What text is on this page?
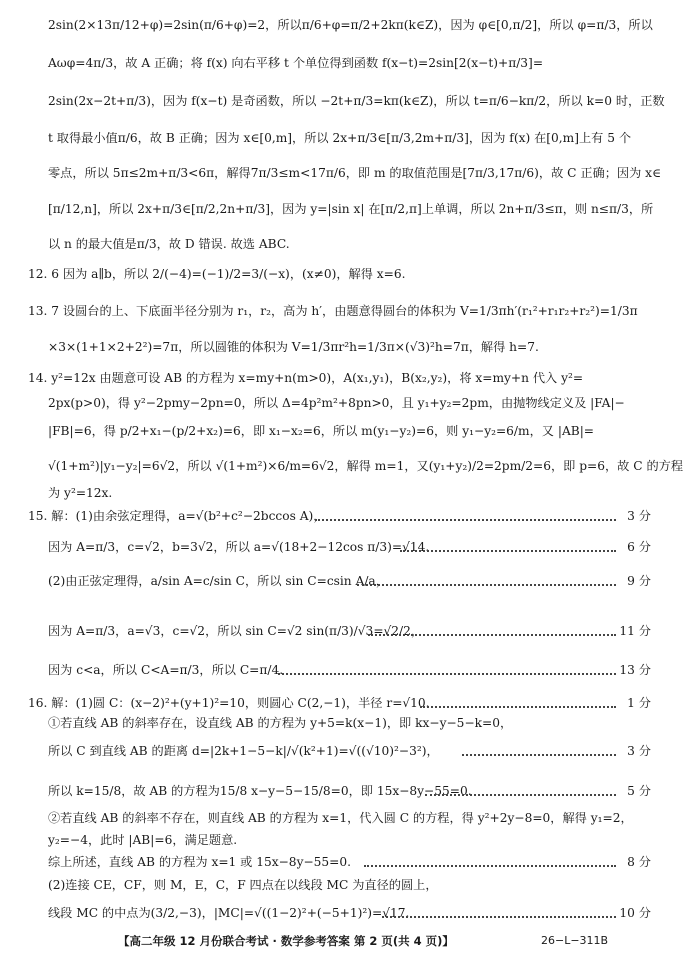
2sin(2×13π/12+φ)=2sin(π/6+φ)=2，所以π/6+φ=π/2+2kπ(k∈Z)，因为 φ∈[0,π/2]，所以 φ=π/3，所以
Aωφ=4π/3，故 A 正确；将 f(x) 向右平移 t 个单位得到函数 f(x−t)=2sin[2(x−t)+π/3]=
2sin(2x−2t+π/3)，因为 f(x−t) 是奇函数，所以 −2t+π/3=kπ(k∈Z)，所以 t=π/6−kπ/2，所以 k=0 时，正数
t 取得最小值π/6，故 B 正确；因为 x∈[0,m]，所以 2x+π/3∈[π/3,2m+π/3]，因为 f(x) 在[0,m]上有 5 个
零点，所以 5π≤2m+π/3<6π，解得7π/3≤m<17π/6，即 m 的取值范围是[7π/3,17π/6)，故 C 正确；因为 x∈
[π/12,n]，所以 2x+π/3∈[π/2,2n+π/3]，因为 y=|sin x| 在[π/2,π]上单调，所以 2n+π/3≤π，则 n≤π/3，所
以 n 的最大值是π/3，故 D 错误. 故选 ABC.
12. 6 因为 a∥b，所以 2/(−4)=(−1)/2=3/(−x)，(x≠0)，解得 x=6.
13. 7 设圆台的上、下底面半径分别为 r₁，r₂，高为 h′，由题意得圆台的体积为 V=1/3πh′(r₁²+r₁r₂+r₂²)=1/3π
×3×(1+1×2+2²)=7π，所以圆锥的体积为 V=1/3πr²h=1/3π×(√3)²h=7π，解得 h=7.
14. y²=12x 由题意可设 AB 的方程为 x=my+n(m>0)，A(x₁,y₁)，B(x₂,y₂)，将 x=my+n 代入 y²=
2px(p>0)，得 y²−2pmy−2pn=0，所以 Δ=4p²m²+8pn>0，且 y₁+y₂=2pm，由抛物线定义及 |FA|−
|FB|=6，得 p/2+x₁−(p/2+x₂)=6，即 x₁−x₂=6，所以 m(y₁−y₂)=6，则 y₁−y₂=6/m，又 |AB|=
√(1+m²)|y₁−y₂|=6√2，所以 √(1+m²)×6/m=6√2，解得 m=1，又(y₁+y₂)/2=2pm/2=6，即 p=6，故 C 的方程
为 y²=12x.
15. 解：(1)由余弦定理得，a=√(b²+c²−2bccos A)，	3 分
因为 A=π/3，c=√2，b=3√2，所以 a=√(18+2−12cos π/3)=√14.	6 分
(2)由正弦定理得，a/sin A=c/sin C，所以 sin C=csin A/a，	9 分
因为 A=π/3，a=√3，c=√2，所以 sin C=√2 sin(π/3)/√3=√2/2，	11 分
因为 c<a，所以 C<A=π/3，所以 C=π/4.	13 分
16. 解：(1)圆 C：(x−2)²+(y+1)²=10，则圆心 C(2,−1)，半径 r=√10.	1 分
①若直线 AB 的斜率存在，设直线 AB 的方程为 y+5=k(x−1)，即 kx−y−5−k=0，
所以 C 到直线 AB 的距离 d=|2k+1−5−k|/√(k²+1)=√((√10)²−3²)，	3 分
所以 k=15/8，故 AB 的方程为15/8 x−y−5−15/8=0，即 15x−8y−55=0.	5 分
②若直线 AB 的斜率不存在，则直线 AB 的方程为 x=1，代入圆 C 的方程，得 y²+2y−8=0，解得 y₁=2，
y₂=−4，此时 |AB|=6，满足题意.
综上所述，直线 AB 的方程为 x=1 或 15x−8y−55=0.	8 分
(2)连接 CE，CF，则 M，E，C，F 四点在以线段 MC 为直径的圆上，
线段 MC 的中点为(3/2,−3)，|MC|=√((1−2)²+(−5+1)²)=√17.	10 分
【高二年级 12 月份联合考试 · 数学参考答案 第 2 页(共 4 页)】	26−L−311B
